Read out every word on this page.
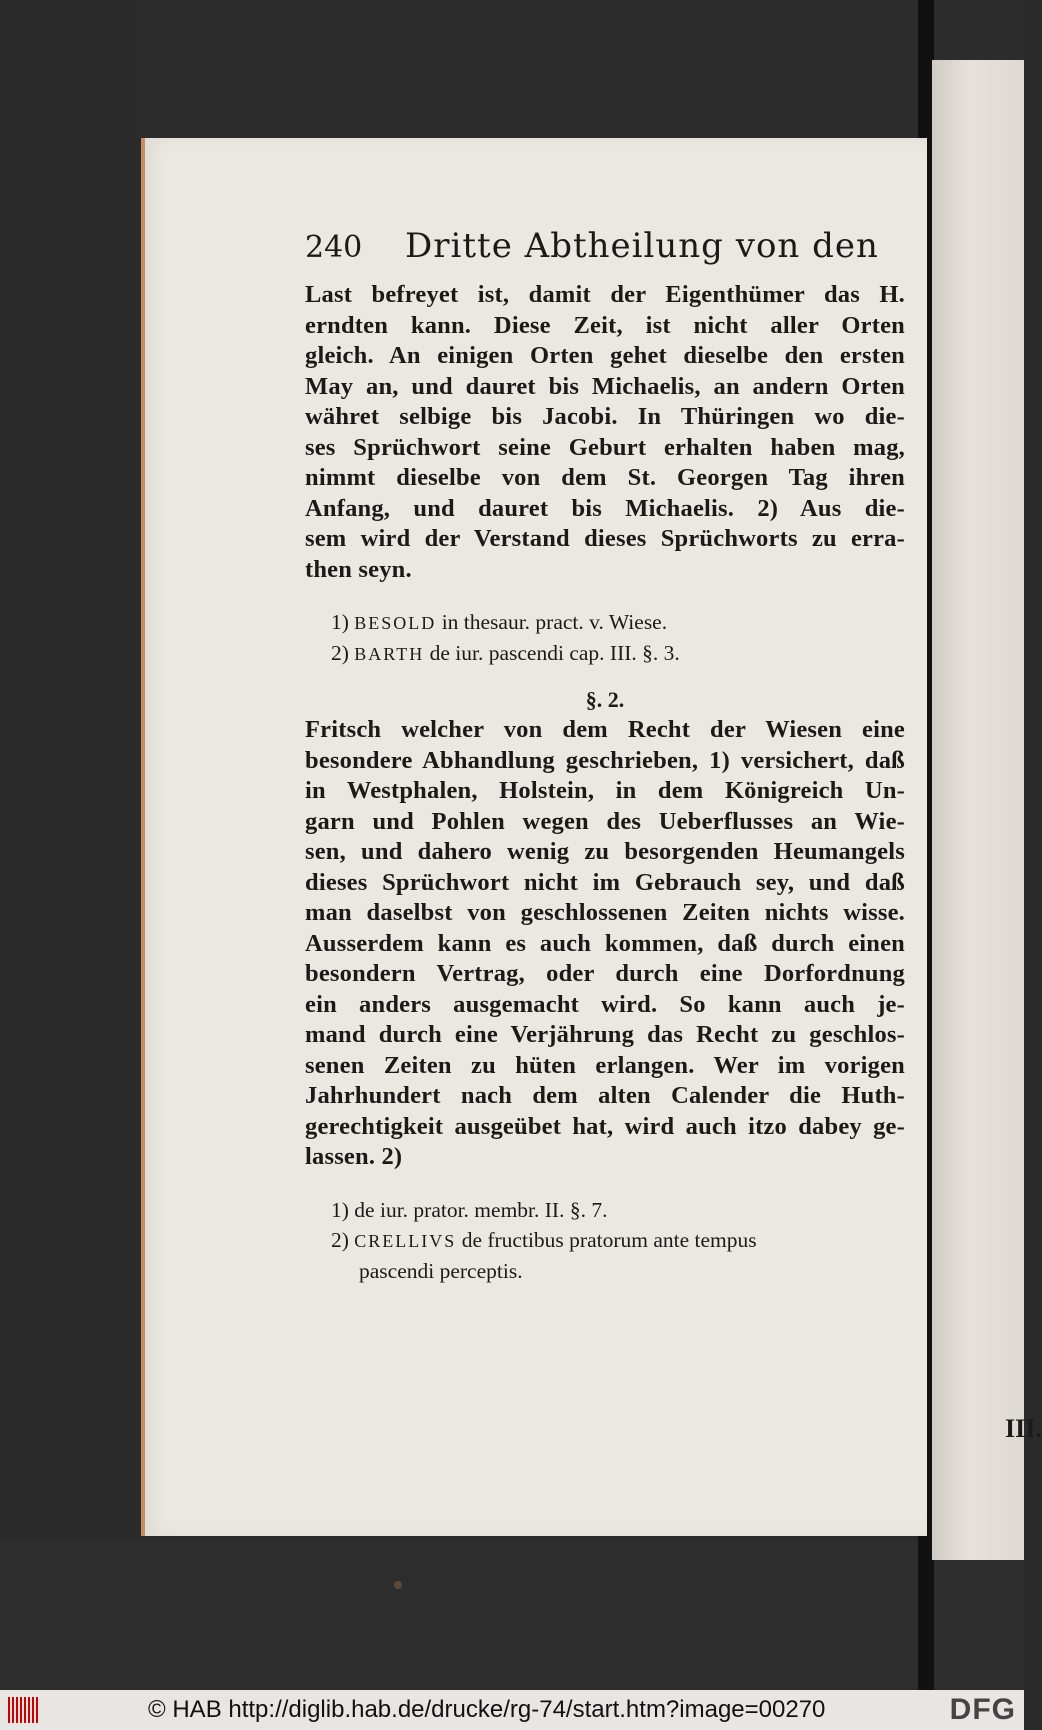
240	Dritte Abtheilung von den

Last befreyet ist, damit der Eigenthümer das H.

erndten kann. Diese Zeit, ist nicht aller Orten

gleich. An einigen Orten gehet dieselbe den ersten

May an, und dauret bis Michaelis, an andern Orten

währet selbige bis Jacobi. In Thüringen wo die-

ses Sprüchwort seine Geburt erhalten haben mag,

nimmt dieselbe von dem St. Georgen Tag ihren

Anfang, und dauret bis Michaelis. 2) Aus die-

sem wird der Verstand dieses Sprüchworts zu erra-

then seyn.

1) BESOLD in thesaur. pract. v. Wiese.
2) BARTH de iur. pascendi cap. III. §. 3.
§. 2.

Fritsch welcher von dem Recht der Wiesen eine

besondere Abhandlung geschrieben, 1) versichert, daß

in Westphalen, Holstein, in dem Königreich Un-

garn und Pohlen wegen des Ueberflusses an Wie-

sen, und dahero wenig zu besorgenden Heumangels

dieses Sprüchwort nicht im Gebrauch sey, und daß

man daselbst von geschlossenen Zeiten nichts wisse.

Ausserdem kann es auch kommen, daß durch einen

besondern Vertrag, oder durch eine Dorfordnung

ein anders ausgemacht wird. So kann auch je-

mand durch eine Verjährung das Recht zu geschlos-

senen Zeiten zu hüten erlangen. Wer im vorigen

Jahrhundert nach dem alten Calender die Huth-

gerechtigkeit ausgeübet hat, wird auch itzo dabey ge-

lassen. 2)

1) de iur. prator. membr. II. §. 7.
2) CRELLIVS de fructibus pratorum ante tempus
pascendi perceptis.
III.
© HAB http://diglib.hab.de/drucke/rg-74/start.htm?image=00270	DFG
